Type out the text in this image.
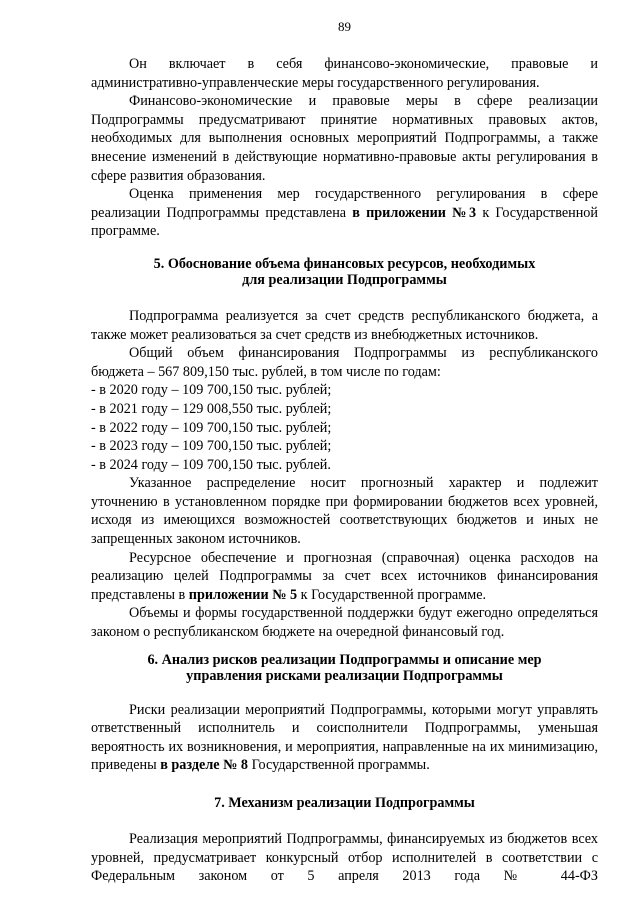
89

Он включает в себя финансово-экономические, правовые и административно-управленческие меры государственного регулирования.

Финансово-экономические и правовые меры в сфере реализации Подпрограммы предусматривают принятие нормативных правовых актов, необходимых для выполнения основных мероприятий Подпрограммы, а также внесение изменений в действующие нормативно-правовые акты регулирования в сфере развития образования.

Оценка применения мер государственного регулирования в сфере реализации Подпрограммы представлена в приложении №3 к Государственной программе.

5. Обоснование объема финансовых ресурсов, необходимых
для реализации Подпрограммы

Подпрограмма реализуется за счет средств республиканского бюджета, а также может реализоваться за счет средств из внебюджетных источников.

Общий объем финансирования Подпрограммы из республиканского бюджета – 567 809,150 тыс. рублей, в том числе по годам:

- в 2020 году – 109 700,150 тыс. рублей;
- в 2021 году – 129 008,550 тыс. рублей;
- в 2022 году – 109 700,150 тыс. рублей;
- в 2023 году – 109 700,150 тыс. рублей;
- в 2024 году – 109 700,150 тыс. рублей.

Указанное распределение носит прогнозный характер и подлежит уточнению в установленном порядке при формировании бюджетов всех уровней, исходя из имеющихся возможностей соответствующих бюджетов и иных не запрещенных законом источников.

Ресурсное обеспечение и прогнозная (справочная) оценка расходов на реализацию целей Подпрограммы за счет всех источников финансирования представлены в приложении № 5 к Государственной программе.

Объемы и формы государственной поддержки будут ежегодно определяться законом о республиканском бюджете на очередной финансовый год.

6. Анализ рисков реализации Подпрограммы и описание мер
управления рисками реализации Подпрограммы

Риски реализации мероприятий Подпрограммы, которыми могут управлять ответственный исполнитель и соисполнители Подпрограммы, уменьшая вероятность их возникновения, и мероприятия, направленные на их минимизацию, приведены в разделе № 8 Государственной программы.

7. Механизм реализации Подпрограммы

Реализация мероприятий Подпрограммы, финансируемых из бюджетов всех уровней, предусматривает конкурсный отбор исполнителей в соответствии с Федеральным законом от 5 апреля 2013 года № 44-ФЗ
